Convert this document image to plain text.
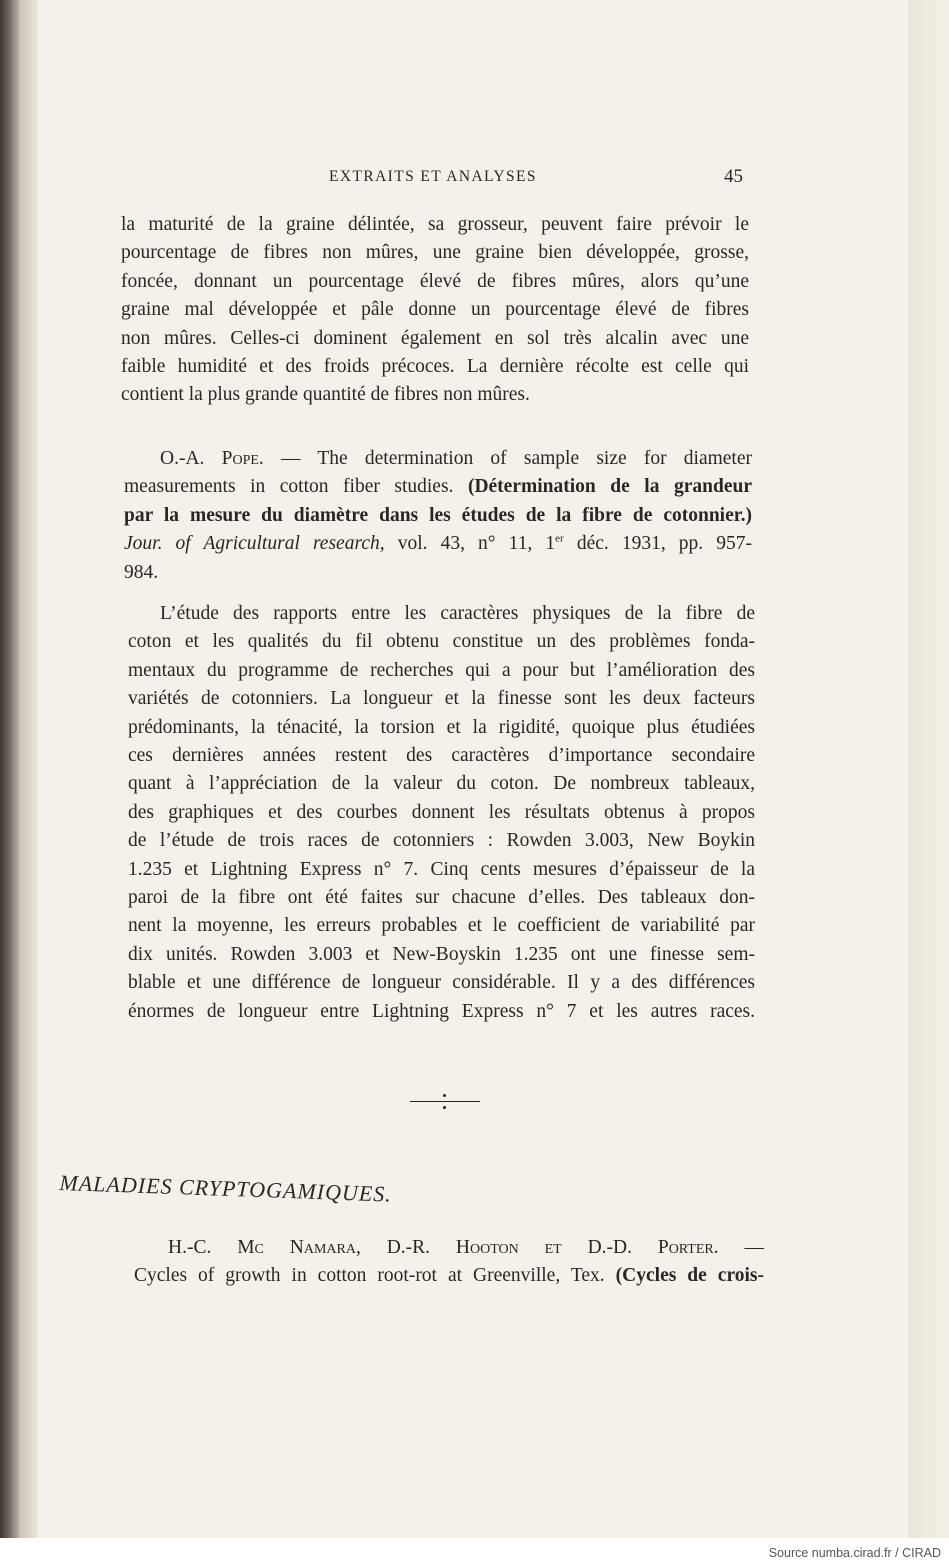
EXTRAITS ET ANALYSES	45
la maturité de la graine délintée, sa grosseur, peuvent faire prévoir le
pourcentage de fibres non mûres, une graine bien développée, grosse,
foncée, donnant un pourcentage élevé de fibres mûres, alors qu’une
graine mal développée et pâle donne un pourcentage élevé de fibres
non mûres. Celles-ci dominent également en sol très alcalin avec une
faible humidité et des froids précoces. La dernière récolte est celle qui
contient la plus grande quantité de fibres non mûres.
O.-A. Pope. — The determination of sample size for diameter
measurements in cotton fiber studies. (Détermination de la grandeur
par la mesure du diamètre dans les études de la fibre de cotonnier.)
Jour. of Agricultural research, vol. 43, n° 11, 1er déc. 1931, pp. 957-
984.
L’étude des rapports entre les caractères physiques de la fibre de
coton et les qualités du fil obtenu constitue un des problèmes fonda-
mentaux du programme de recherches qui a pour but l’amélioration des
variétés de cotonniers. La longueur et la finesse sont les deux facteurs
prédominants, la ténacité, la torsion et la rigidité, quoique plus étudiées
ces dernières années restent des caractères d’importance secondaire
quant à l’appréciation de la valeur du coton. De nombreux tableaux,
des graphiques et des courbes donnent les résultats obtenus à propos
de l’étude de trois races de cotonniers : Rowden 3.003, New Boykin
1.235 et Lightning Express n° 7. Cinq cents mesures d’épaisseur de la
paroi de la fibre ont été faites sur chacune d’elles. Des tableaux don-
nent la moyenne, les erreurs probables et le coefficient de variabilité par
dix unités. Rowden 3.003 et New-Boyskin 1.235 ont une finesse sem-
blable et une différence de longueur considérable. Il y a des différences
énormes de longueur entre Lightning Express n° 7 et les autres races.
MALADIES CRYPTOGAMIQUES.
H.-C. Mc Namara, D.-R. Hooton et D.-D. Porter. —
Cycles of growth in cotton root-rot at Greenville, Tex. (Cycles de crois-
Source numba.cirad.fr / CIRAD
